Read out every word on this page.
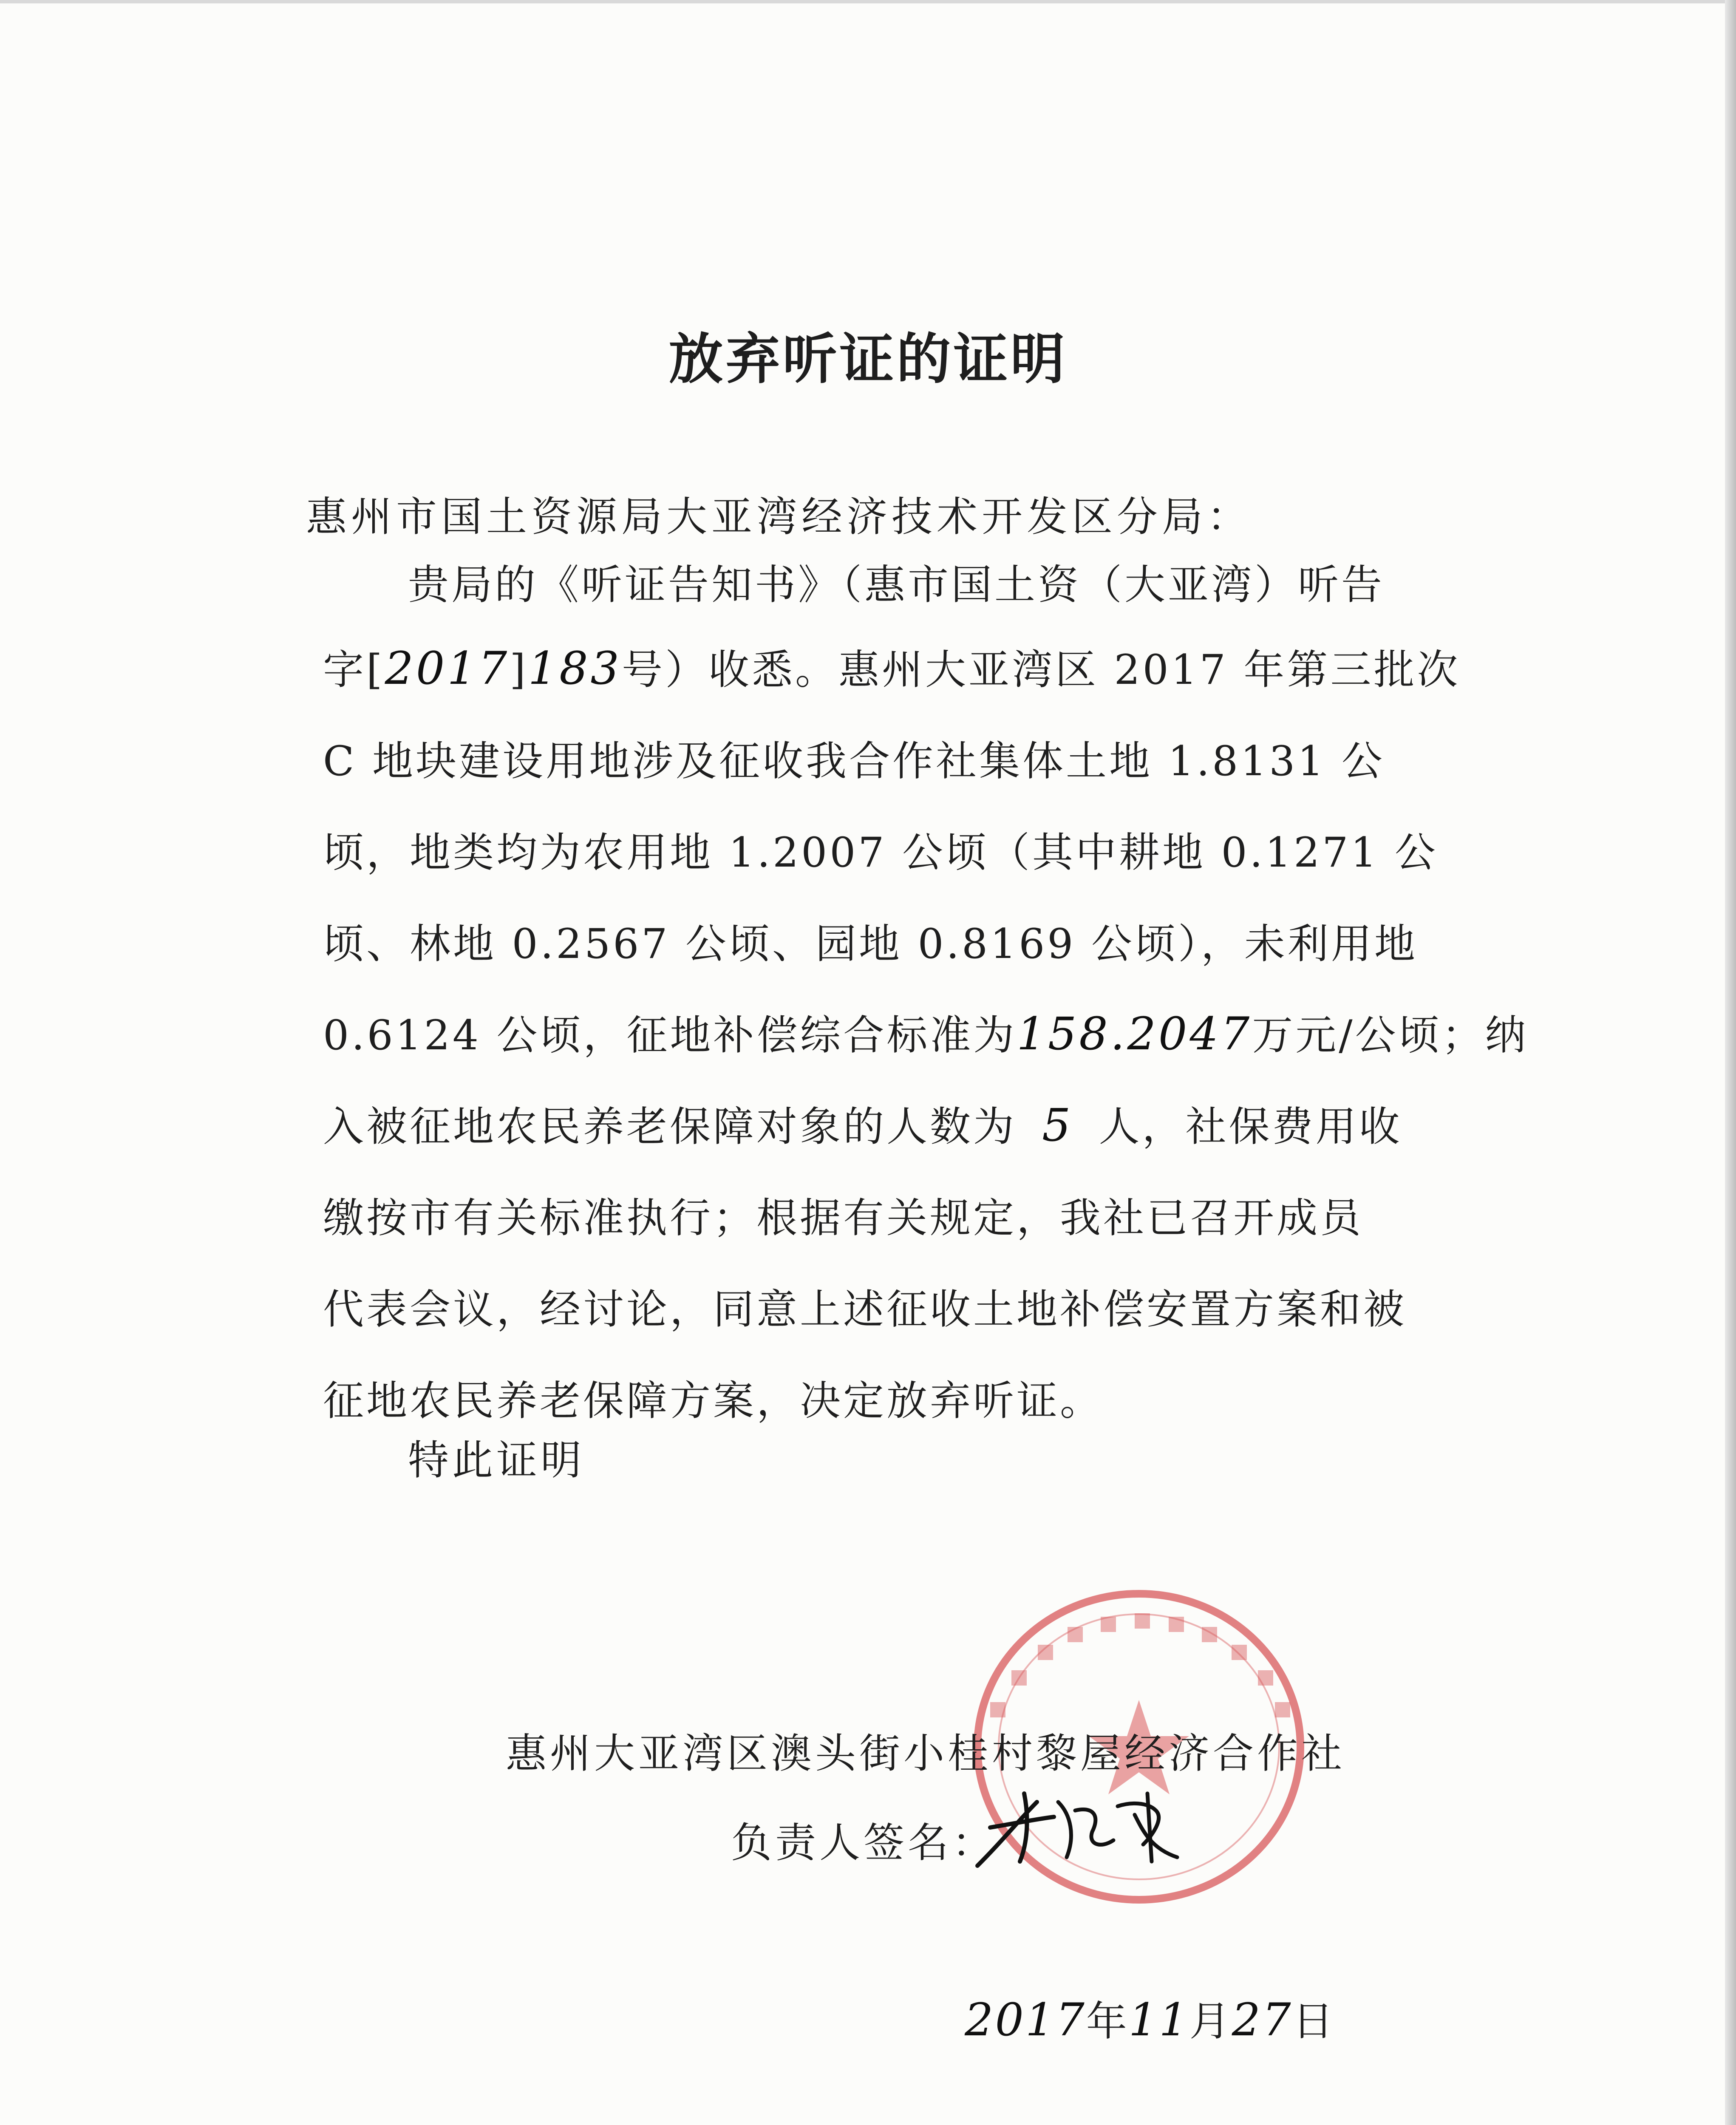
放弃听证的证明
惠州市国土资源局大亚湾经济技术开发区分局：
贵局的《听证告知书》（惠市国土资（大亚湾）听告
字[2017]183号）收悉。惠州大亚湾区 2017 年第三批次
C 地块建设用地涉及征收我合作社集体土地 1.8131 公
顷，地类均为农用地 1.2007 公顷（其中耕地 0.1271 公
顷、林地 0.2567 公顷、园地 0.8169 公顷），未利用地
0.6124 公顷，征地补偿综合标准为158.2047万元/公顷；纳
入被征地农民养老保障对象的人数为 5 人，社保费用收
缴按市有关标准执行；根据有关规定，我社已召开成员
代表会议，经讨论，同意上述征收土地补偿安置方案和被
征地农民养老保障方案，决定放弃听证。
特此证明
惠州大亚湾区澳头街小桂村黎屋经济合作社
负责人签名：
2017年11月27日
